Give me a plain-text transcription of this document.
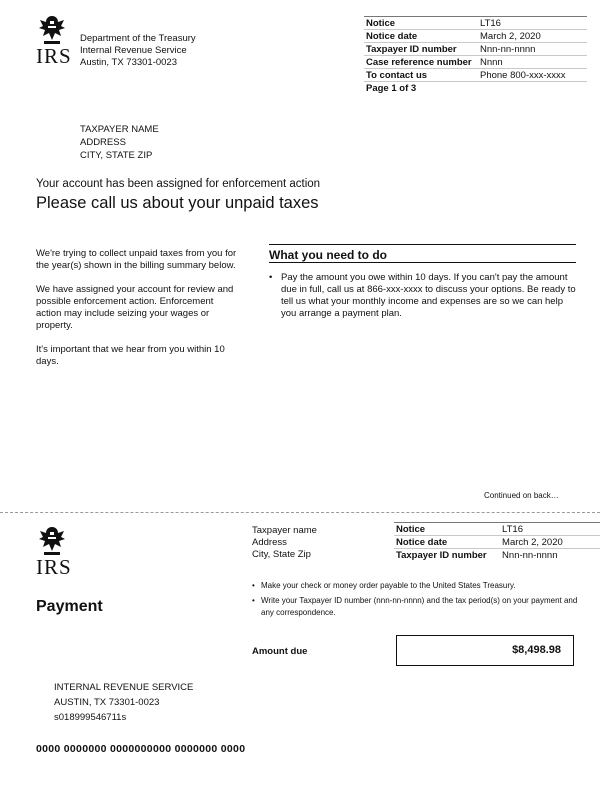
IRS
Department of the Treasury
Internal Revenue Service
Austin, TX 73301-0023
Notice	LT16
Notice date	March 2, 2020
Taxpayer ID number	Nnn-nn-nnnn
Case reference number	Nnnn
To contact us	Phone 800-xxx-xxxx
Page 1 of 3	
TAXPAYER NAME
ADDRESS
CITY, STATE ZIP
Your account has been assigned for enforcement action
Please call us about your unpaid taxes

We're trying to collect unpaid taxes from you for the year(s) shown in the billing summary below.

We have assigned your account for review and possible enforcement action. Enforcement action may include seizing your wages or property.

It's important that we hear from you within 10 days.

What you need to do
• Pay the amount you owe within 10 days. If you can't pay the amount due in full, call us at 866-xxx-xxxx to discuss your options. Be ready to tell us what your monthly income and expenses are so we can help you arrange a payment plan.
Continued on back…
IRS
Taxpayer name
Address
City, State Zip
Notice	LT16
Notice date	March 2, 2020
Taxpayer ID number	Nnn-nn-nnnn
Payment
• Make your check or money order payable to the United States Treasury.
• Write your Taxpayer ID number (nnn-nn-nnnn) and the tax period(s) on your payment and any correspondence.
Amount due	$8,498.98
INTERNAL REVENUE SERVICE
AUSTIN, TX 73301-0023
s018999546711s
0000 0000000 0000000000 0000000 0000
